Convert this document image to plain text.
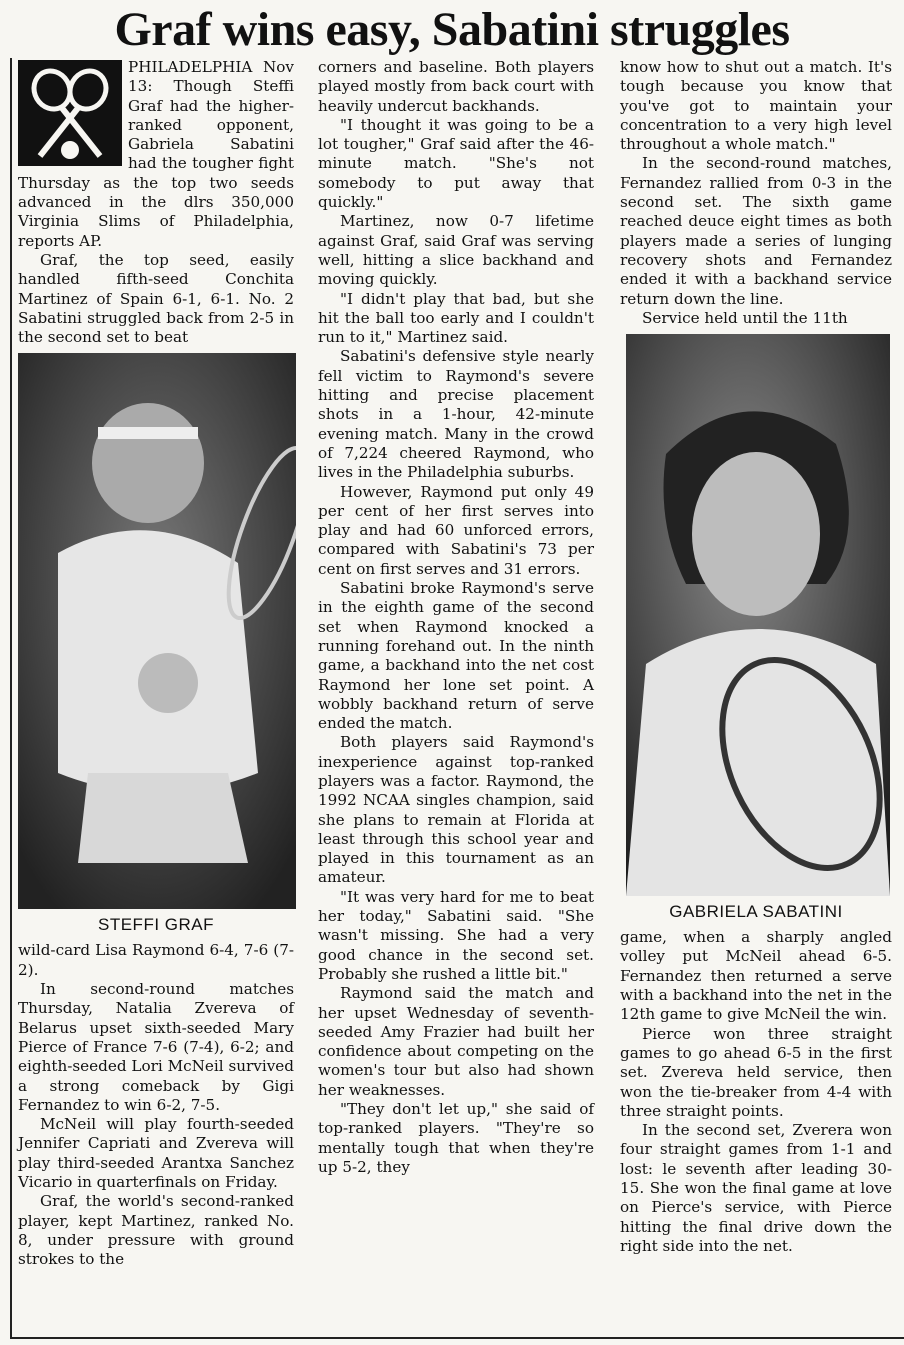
Graf wins easy, Sabatini struggles

PHILADELPHIA Nov 13: Though Steffi Graf had the higher-ranked opponent, Gabriela Sabatini had the tougher fight Thursday as the top two seeds advanced in the dlrs 350,000 Virginia Slims of Philadelphia, reports AP.

Graf, the top seed, easily handled fifth-seed Conchita Martinez of Spain 6-1, 6-1. No. 2 Sabatini struggled back from 2-5 in the second set to beat

STEFFI GRAF

wild-card Lisa Raymond 6-4, 7-6 (7-2).

In second-round matches Thursday, Natalia Zvereva of Belarus upset sixth-seeded Mary Pierce of France 7-6 (7-4), 6-2; and eighth-seeded Lori McNeil survived a strong comeback by Gigi Fernandez to win 6-2, 7-5.

McNeil will play fourth-seeded Jennifer Capriati and Zvereva will play third-seeded Arantxa Sanchez Vicario in quarterfinals on Friday.

Graf, the world's second-ranked player, kept Martinez, ranked No. 8, under pressure with ground strokes to the

corners and baseline. Both players played mostly from back court with heavily undercut backhands.

"I thought it was going to be a lot tougher," Graf said after the 46-minute match. "She's not somebody to put away that quickly."

Martinez, now 0-7 lifetime against Graf, said Graf was serving well, hitting a slice backhand and moving quickly.

"I didn't play that bad, but she hit the ball too early and I couldn't run to it," Martinez said.

Sabatini's defensive style nearly fell victim to Raymond's severe hitting and precise placement shots in a 1-hour, 42-minute evening match. Many in the crowd of 7,224 cheered Raymond, who lives in the Philadelphia suburbs.

However, Raymond put only 49 per cent of her first serves into play and had 60 unforced errors, compared with Sabatini's 73 per cent on first serves and 31 errors.

Sabatini broke Raymond's serve in the eighth game of the second set when Raymond knocked a running forehand out. In the ninth game, a backhand into the net cost Raymond her lone set point. A wobbly backhand return of serve ended the match.

Both players said Raymond's inexperience against top-ranked players was a factor. Raymond, the 1992 NCAA singles champion, said she plans to remain at Florida at least through this school year and played in this tournament as an amateur.

"It was very hard for me to beat her today," Sabatini said. "She wasn't missing. She had a very good chance in the second set. Probably she rushed a little bit."

Raymond said the match and her upset Wednesday of seventh-seeded Amy Frazier had built her confidence about competing on the women's tour but also had shown her weaknesses.

"They don't let up," she said of top-ranked players. "They're so mentally tough that when they're up 5-2, they

know how to shut out a match. It's tough because you know that you've got to maintain your concentration to a very high level throughout a whole match."

In the second-round matches, Fernandez rallied from 0-3 in the second set. The sixth game reached deuce eight times as both players made a series of lunging recovery shots and Fernandez ended it with a backhand service return down the line.

Service held until the 11th

GABRIELA SABATINI

game, when a sharply angled volley put McNeil ahead 6-5. Fernandez then returned a serve with a backhand into the net in the 12th game to give McNeil the win.

Pierce won three straight games to go ahead 6-5 in the first set. Zvereva held service, then won the tie-breaker from 4-4 with three straight points.

In the second set, Zverera won four straight games from 1-1 and lost: le seventh after leading 30-15. She won the final game at love on Pierce's service, with Pierce hitting the final drive down the right side into the net.
